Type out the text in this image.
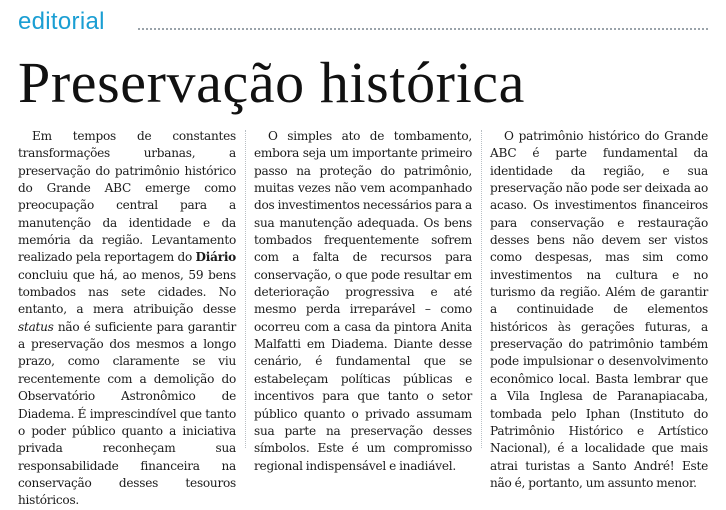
editorial
Preservação histórica

Em tempos de constantes transformações urbanas, a preservação do patrimônio histórico do Grande ABC emerge como preocupação central para a manutenção da identidade e da memória da região. Levantamento realizado pela reportagem do Diário concluiu que há, ao menos, 59 bens tombados nas sete cidades. No entanto, a mera atribuição desse status não é suficiente para garantir a preservação dos mesmos a longo prazo, como claramente se viu recentemente com a demolição do Observatório Astronômico de Diadema. É imprescindível que tanto o poder público quanto a iniciativa privada reconheçam sua responsabilidade financeira na conservação desses tesouros históricos.

O simples ato de tombamento, embora seja um importante primeiro passo na proteção do patrimônio, muitas vezes não vem acompanhado dos investimentos necessários para a sua manutenção adequada. Os bens tombados frequentemente sofrem com a falta de recursos para conservação, o que pode resultar em deterioração progressiva e até mesmo perda irreparável – como ocorreu com a casa da pintora Anita Malfatti em Diadema. Diante desse cenário, é fundamental que se estabeleçam políticas públicas e incentivos para que tanto o setor público quanto o privado assumam sua parte na preservação desses símbolos. Este é um compromisso regional indispensável e inadiável.

O patrimônio histórico do Grande ABC é parte fundamental da identidade da região, e sua preservação não pode ser deixada ao acaso. Os investimentos financeiros para conservação e restauração desses bens não devem ser vistos como despesas, mas sim como investimentos na cultura e no turismo da região. Além de garantir a continuidade de elementos históricos às gerações futuras, a preservação do patrimônio também pode impulsionar o desenvolvimento econômico local. Basta lembrar que a Vila Inglesa de Paranapiacaba, tombada pelo Iphan (Instituto do Patrimônio Histórico e Artístico Nacional), é a localidade que mais atrai turistas a Santo André! Este não é, portanto, um assunto menor.
